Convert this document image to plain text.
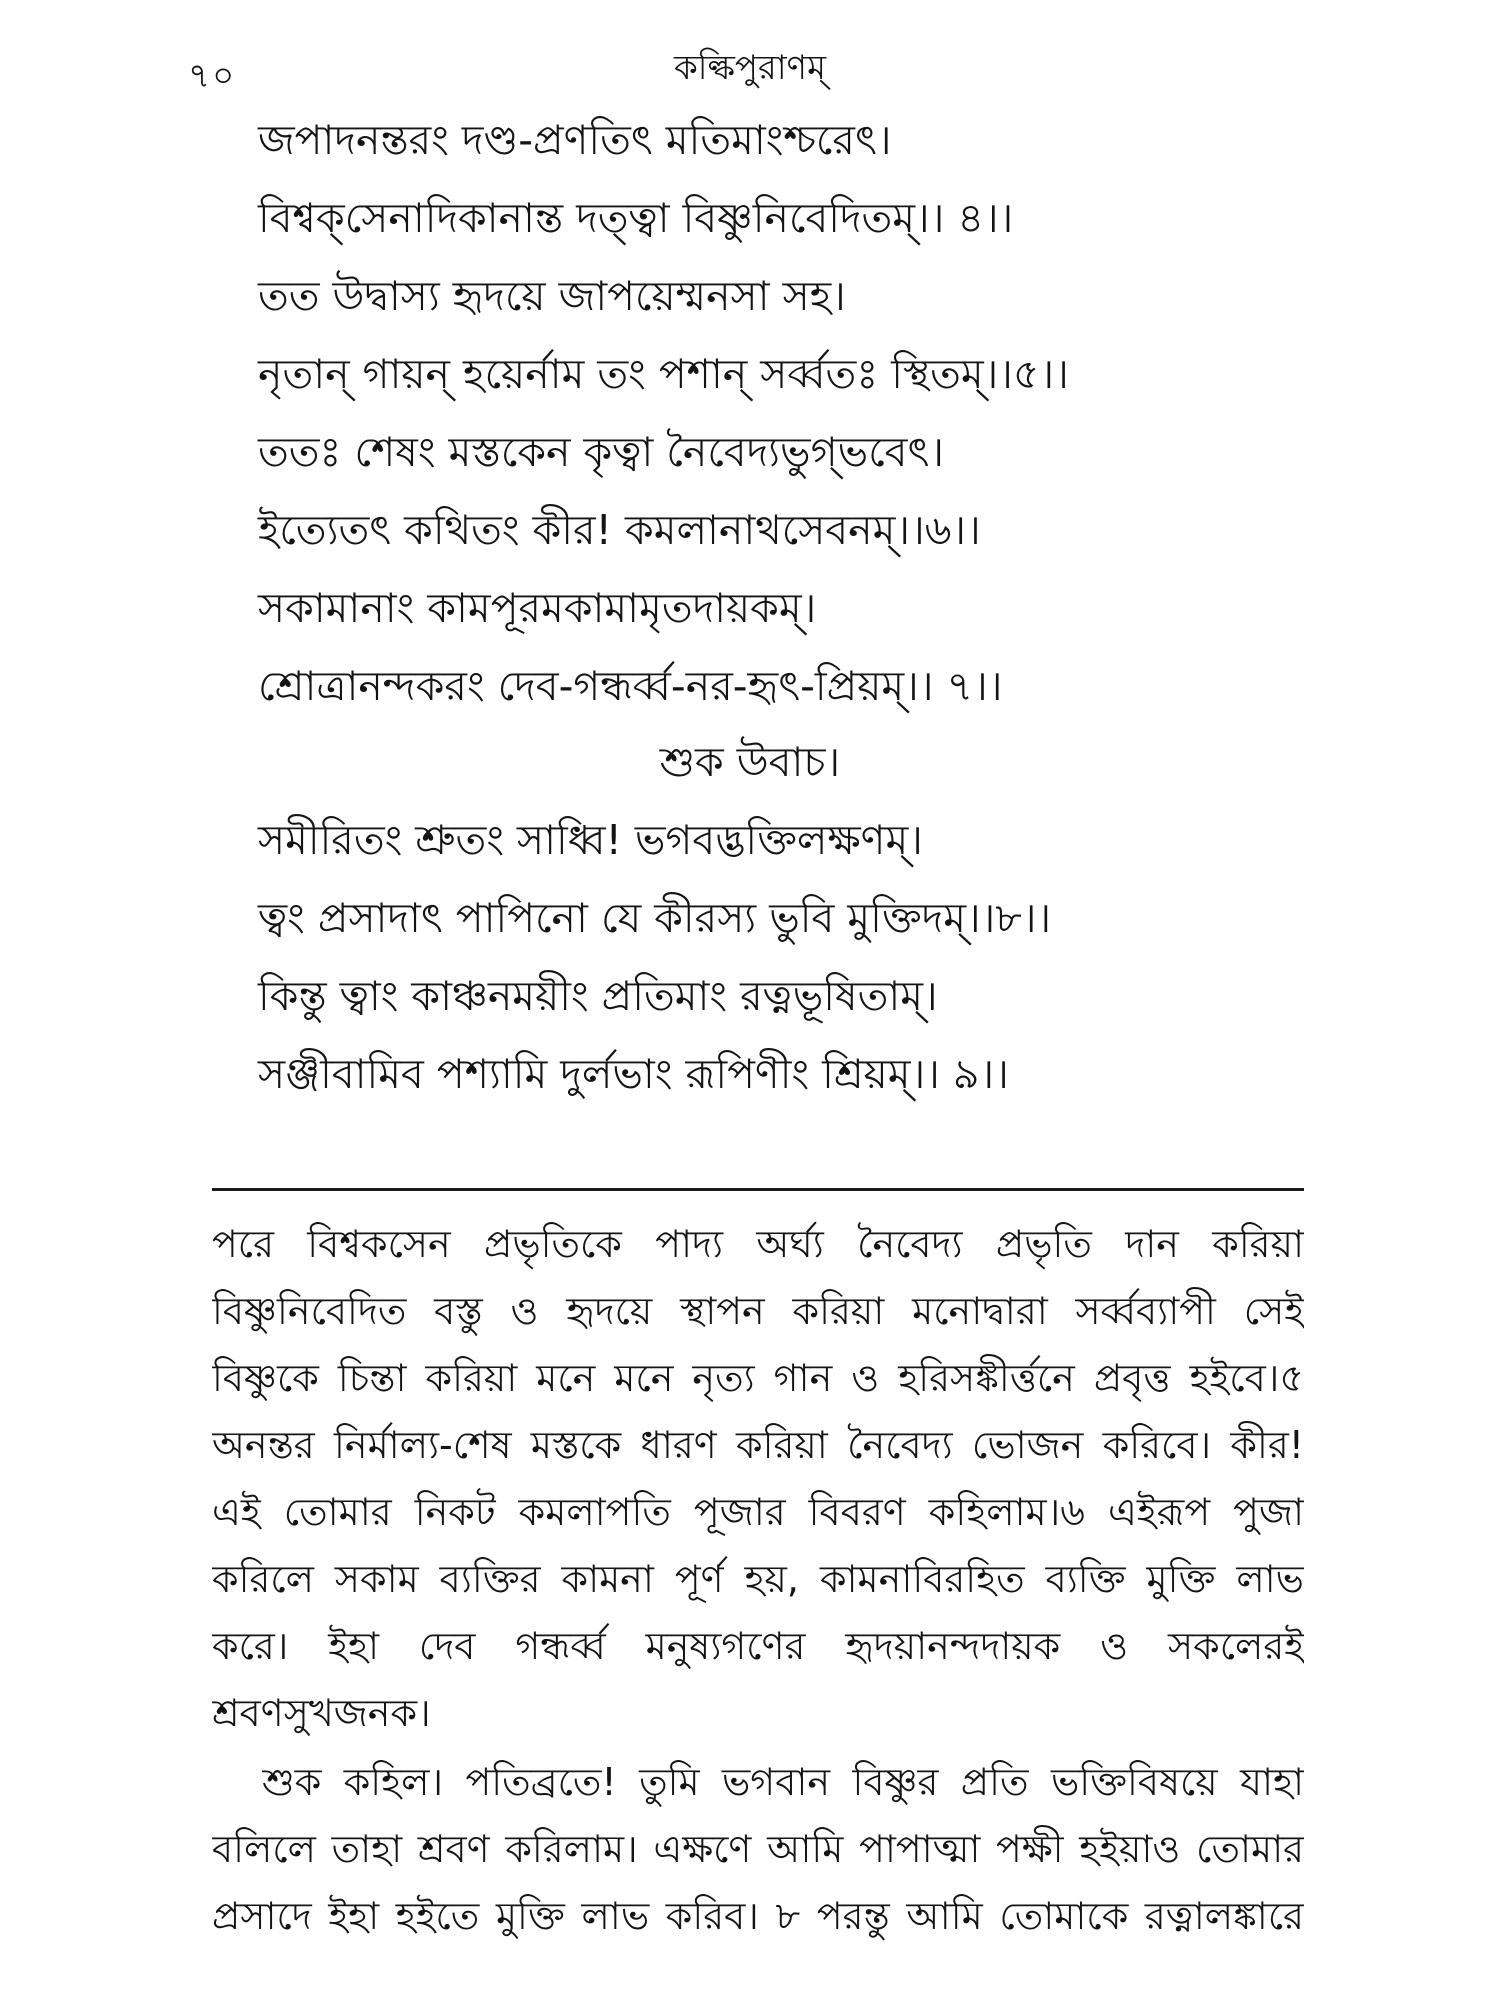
৭০	কল্কিপুরাণম্
জপাদনন্তরং দণ্ড-প্রণতিৎ মতিমাংশ্চরেৎ।
বিশ্বক্‌সেনাদিকানান্ত দত্ত্বা বিষ্ণুনিবেদিতম্।। ৪।।
তত উদ্বাস্য হৃদয়ে জাপয়েম্মনসা সহ।
নৃতান্ গায়ন্ হয়ের্নাম তং পশান্ সৰ্ব্বতঃ স্থিতম্।।৫।।
ততঃ শেষং মস্তকেন কৃত্বা নৈবেদ্যভুগ্‌ভবেৎ।
ইত্যেতৎ কথিতং কীর! কমলানাথসেবনম্।।৬।।
সকামানাং কামপূরমকামামৃতদায়কম্।
শ্রোত্রানন্দকরং দেব-গন্ধৰ্ব্ব-নর-হৃৎ-প্রিয়ম্।। ৭।।
শুক উবাচ।
সমীরিতং শ্রুতং সাধ্বি! ভগবদ্ভক্তিলক্ষণম্।
ত্বং প্রসাদাৎ পাপিনো যে কীরস্য ভুবি মুক্তিদম্।।৮।।
কিন্তু ত্বাং কাঞ্চনময়ীং প্রতিমাং রত্নভূষিতাম্।
সঞ্জীবামিব পশ্যামি দুর্লভাং রূপিণীং শ্রিয়ম্।। ৯।।
পরে বিশ্বকসেন প্রভৃতিকে পাদ্য অর্ঘ্য নৈবেদ্য প্রভৃতি দান করিয়া
বিষ্ণুনিবেদিত বস্তু ও হৃদয়ে স্থাপন করিয়া মনোদ্বারা সৰ্ব্বব্যাপী সেই
বিষ্ণুকে চিন্তা করিয়া মনে মনে নৃত্য গান ও হরিসঙ্কীৰ্ত্তনে প্রবৃত্ত হইবে।৫
অনন্তর নির্মাল্য-শেষ মস্তকে ধারণ করিয়া নৈবেদ্য ভোজন করিবে। কীর!
এই তোমার নিকট কমলাপতি পূজার বিবরণ কহিলাম।৬ এইরূপ পুজা
করিলে সকাম ব্যক্তির কামনা পূর্ণ হয়, কামনাবিরহিত ব্যক্তি মুক্তি লাভ
করে। ইহা দেব গন্ধৰ্ব্ব মনুষ্যগণের হৃদয়ানন্দদায়ক ও সকলেরই
শ্রবণসুখজনক।
শুক কহিল। পতিব্রতে! তুমি ভগবান বিষ্ণুর প্রতি ভক্তিবিষয়ে যাহা
বলিলে তাহা শ্রবণ করিলাম। এক্ষণে আমি পাপাত্মা পক্ষী হইয়াও তোমার
প্রসাদে ইহা হইতে মুক্তি লাভ করিব। ৮ পরন্তু আমি তোমাকে রত্নালঙ্কারে
